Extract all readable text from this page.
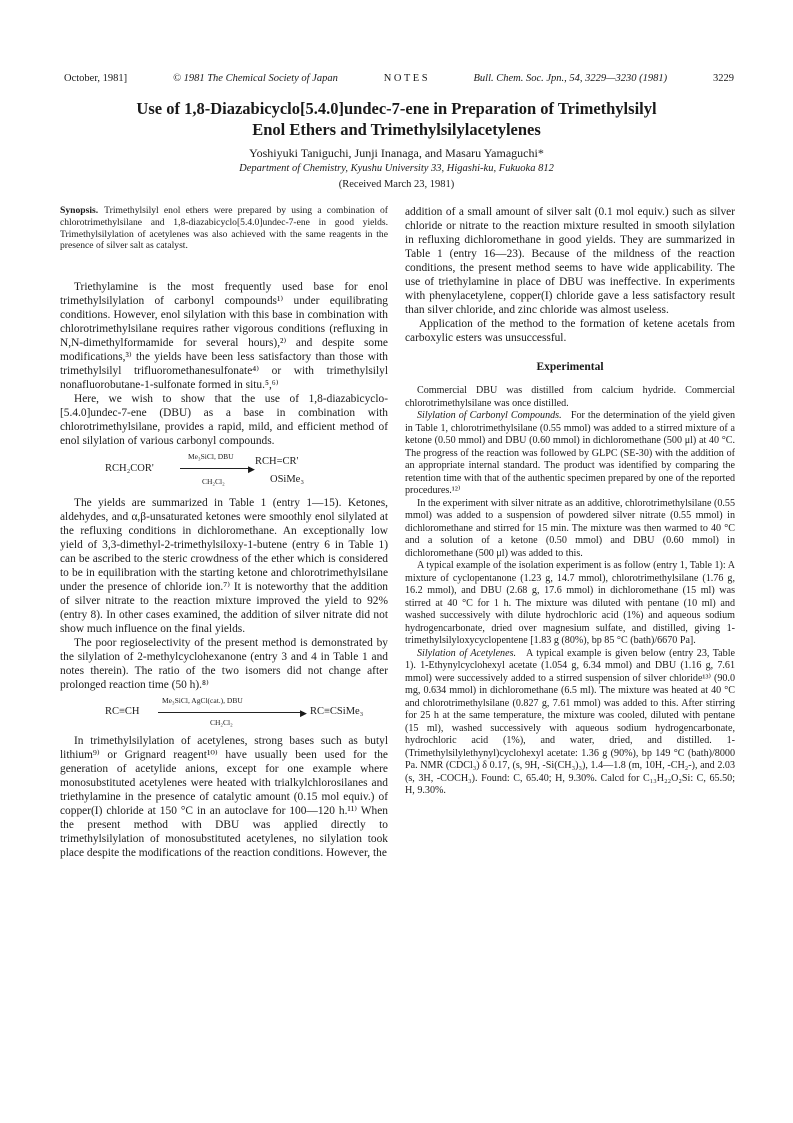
October, 1981]	© 1981 The Chemical Society of Japan	N O T E S	Bull. Chem. Soc. Jpn., 54, 3229—3230 (1981)	3229
Use of 1,8-Diazabicyclo[5.4.0]undec-7-ene in Preparation of Trimethylsilyl
Enol Ethers and Trimethylsilylacetylenes
Yoshiyuki Taniguchi, Junji Inanaga, and Masaru Yamaguchi*
Department of Chemistry, Kyushu University 33, Higashi-ku, Fukuoka 812
(Received March 23, 1981)
Synopsis. Trimethylsilyl enol ethers were prepared by using a combination of chlorotrimethylsilane and 1,8-diazabicyclo[5.4.0]undec-7-ene in good yields. Trimethylsilylation of acetylenes was also achieved with the same reagents in the presence of silver salt as catalyst.

Triethylamine is the most frequently used base for enol trimethylsilylation of carbonyl compounds¹⁾ under equilibrating conditions. However, enol silylation with this base in combination with chlorotrimethylsilane requires rather vigorous conditions (refluxing in N,N-dimethylformamide for several hours),²⁾ and despite some modifications,³⁾ the yields have been less satisfactory than those with trimethylsilyl trifluoromethanesulfonate⁴⁾ or with trimethylsilyl nonafluorobutane-1-sulfonate formed in situ.⁵,⁶⁾

Here, we wish to show that the use of 1,8-diazabicyclo-[5.4.0]undec-7-ene (DBU) as a base in combination with chlorotrimethylsilane, provides a rapid, mild, and efficient method of enol silylation of various carbonyl compounds.

RCH₂COR'
Me₃SiCl, DBU
▶
CH₂Cl₂
RCH=CR'
OSiMe₃

The yields are summarized in Table 1 (entry 1—15). Ketones, aldehydes, and α,β-unsaturated ketones were smoothly enol silylated at the refluxing conditions in dichloromethane. An exceptionally low yield of 3,3-dimethyl-2-trimethylsiloxy-1-butene (entry 6 in Table 1) can be ascribed to the steric crowdness of the ether which is considered to be in equilibration with the starting ketone and chlorotrimethylsilane under the presence of chloride ion.⁷⁾ It is noteworthy that the addition of silver nitrate to the reaction mixture improved the yield to 92% (entry 8). In other cases examined, the addition of silver nitrate did not show much influence on the final yields.

The poor regioselectivity of the present method is demonstrated by the silylation of 2-methylcyclohexanone (entry 3 and 4 in Table 1 and notes therein). The ratio of the two isomers did not change after prolonged reaction time (50 h).⁸⁾

RC≡CH
Me₃SiCl, AgCl(cat.), DBU
▶
CH₂Cl₂
RC≡CSiMe₃

In trimethylsilylation of acetylenes, strong bases such as butyl lithium⁹⁾ or Grignard reagent¹⁰⁾ have usually been used for the generation of acetylide anions, except for one example where monosubstituted acetylenes were heated with trialkylchlorosilanes and triethylamine in the presence of catalytic amount (0.15 mol equiv.) of copper(I) chloride at 150 °C in an autoclave for 100—120 h.¹¹⁾ When the present method with DBU was applied directly to trimethylsilylation of monosubstituted acetylenes, no silylation took place despite the modifications of the reaction conditions. However, the

addition of a small amount of silver salt (0.1 mol equiv.) such as silver chloride or nitrate to the reaction mixture resulted in smooth silylation in refluxing dichloromethane in good yields. They are summarized in Table 1 (entry 16—23). Because of the mildness of the reaction conditions, the present method seems to have wide applicability. The use of triethylamine in place of DBU was ineffective. In experiments with phenylacetylene, copper(I) chloride gave a less satisfactory result than silver chloride, and zinc chloride was almost useless.

Application of the method to the formation of ketene acetals from carboxylic esters was unsuccessful.

Experimental

Commercial DBU was distilled from calcium hydride. Commercial chlorotrimethylsilane was once distilled.

Silylation of Carbonyl Compounds. For the determination of the yield given in Table 1, chlorotrimethylsilane (0.55 mmol) was added to a stirred mixture of a ketone (0.50 mmol) and DBU (0.60 mmol) in dichloromethane (500 μl) at 40 °C. The progress of the reaction was followed by GLPC (SE-30) with the addition of an appropriate internal standard. The product was identified by comparing the retention time with that of the authentic specimen prepared by one of the reported procedures.¹²⁾

In the experiment with silver nitrate as an additive, chlorotrimethylsilane (0.55 mmol) was added to a suspension of powdered silver nitrate (0.55 mmol) in dichloromethane and stirred for 15 min. The mixture was then warmed to 40 °C and a solution of a ketone (0.50 mmol) and DBU (0.60 mmol) in dichloromethane (500 μl) was added to this.

A typical example of the isolation experiment is as follow (entry 1, Table 1): A mixture of cyclopentanone (1.23 g, 14.7 mmol), chlorotrimethylsilane (1.76 g, 16.2 mmol), and DBU (2.68 g, 17.6 mmol) in dichloromethane (15 ml) was stirred at 40 °C for 1 h. The mixture was diluted with pentane (10 ml) and washed successively with dilute hydrochloric acid (1%) and aqueous sodium hydrogencarbonate, dried over magnesium sulfate, and distilled, giving 1-trimethylsilyloxycyclopentene [1.83 g (80%), bp 85 °C (bath)/6670 Pa].

Silylation of Acetylenes. A typical example is given below (entry 23, Table 1). 1-Ethynylcyclohexyl acetate (1.054 g, 6.34 mmol) and DBU (1.16 g, 7.61 mmol) were successively added to a stirred suspension of silver chloride¹³⁾ (90.0 mg, 0.634 mmol) in dichloromethane (6.5 ml). The mixture was heated at 40 °C and chlorotrimethylsilane (0.827 g, 7.61 mmol) was added to this. After stirring for 25 h at the same temperature, the mixture was cooled, diluted with pentane (15 ml), washed successively with aqueous sodium hydrogencarbonate, hydrochloric acid (1%), and water, dried, and distilled. 1-(Trimethylsilylethynyl)cyclohexyl acetate: 1.36 g (90%), bp 149 °C (bath)/8000 Pa. NMR (CDCl₃) δ 0.17, (s, 9H, -Si(CH₃)₃), 1.4—1.8 (m, 10H, -CH₂-), and 2.03 (s, 3H, -COCH₃). Found: C, 65.40; H, 9.30%. Calcd for C₁₃H₂₂O₂Si: C, 65.50; H, 9.30%.
